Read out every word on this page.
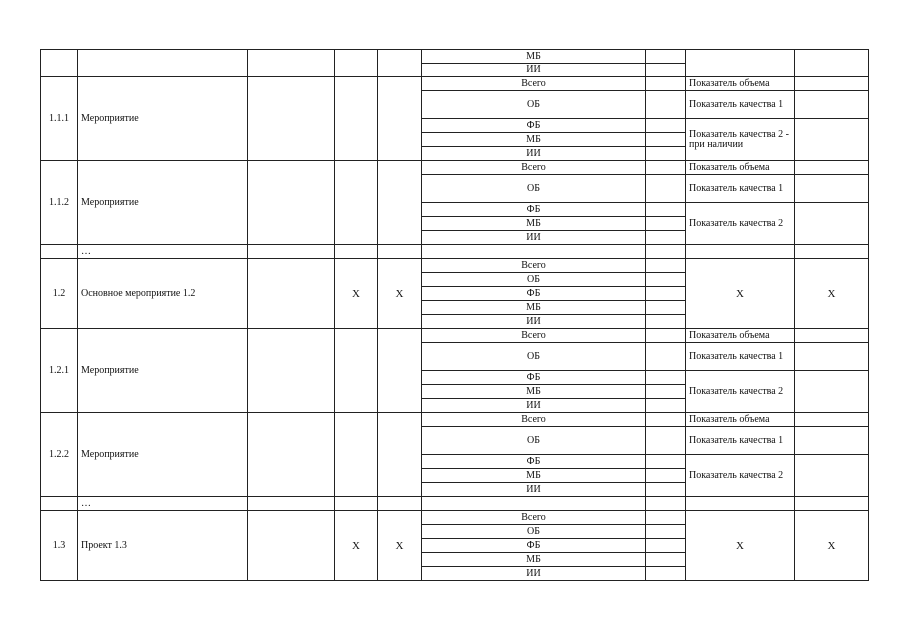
					МБ			
					ИИ			
1.1.1	Мероприятие				Всего		Показатель объема	
					ОБ		Показатель качества 1	
					ФБ		Показатель качества 2 - при наличии	
					МБ			
					ИИ			
1.1.2	Мероприятие				Всего		Показатель объема	
					ОБ		Показатель качества 1	
					ФБ		Показатель качества 2	
					МБ			
					ИИ			
	…							
1.2	Основное мероприятие 1.2		Х	Х	Всего		Х	Х
					ОБ			
					ФБ			
					МБ			
					ИИ			
1.2.1	Мероприятие				Всего		Показатель объема	
					ОБ		Показатель качества 1	
					ФБ		Показатель качества 2	
					МБ			
					ИИ			
1.2.2	Мероприятие				Всего		Показатель объема	
					ОБ		Показатель качества 1	
					ФБ		Показатель качества 2	
					МБ			
					ИИ			
	…							
1.3	Проект 1.3		Х	Х	Всего		Х	Х
					ОБ			
					ФБ			
					МБ			
					ИИ			
